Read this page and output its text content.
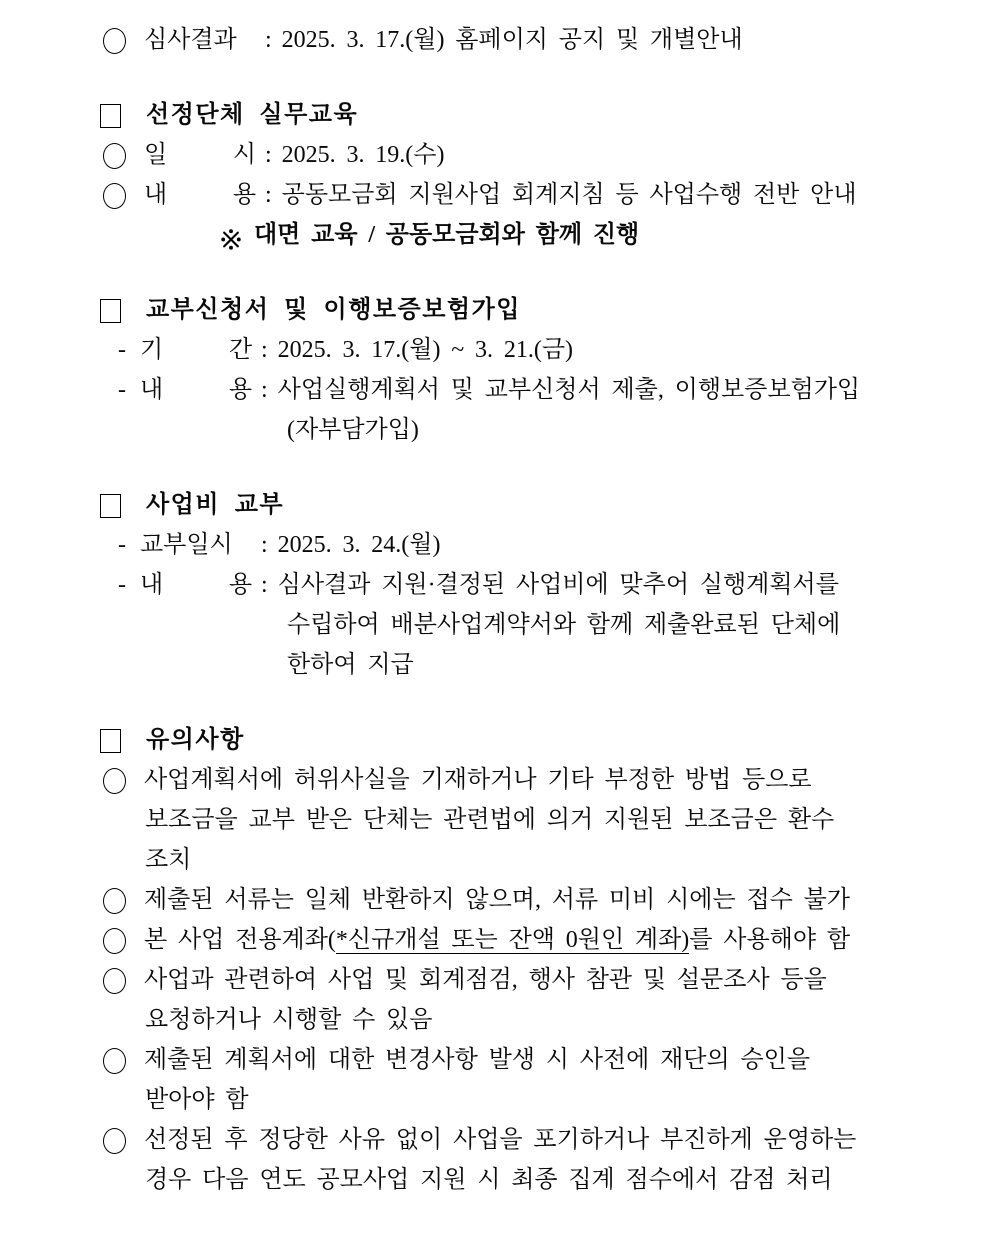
심사결과	: 2025. 3. 17.(월) 홈페이지 공지 및 개별안내
선정단체 실무교육
일	시 : 2025. 3. 19.(수)
내	용 : 공동모금회 지원사업 회계지침 등 사업수행 전반 안내
대면 교육 / 공동모금회와 함께 진행
교부신청서 및 이행보증보험가입
- 기	간 : 2025. 3. 17.(월) ~ 3. 21.(금)
- 내	용 : 사업실행계획서 및 교부신청서 제출, 이행보증보험가입
(자부담가입)
사업비 교부
- 교부일시	: 2025. 3. 24.(월)
- 내	용 : 심사결과 지원·결정된 사업비에 맞추어 실행계획서를
수립하여 배분사업계약서와 함께 제출완료된 단체에
한하여 지급
유의사항
사업계획서에 허위사실을 기재하거나 기타 부정한 방법 등으로
보조금을 교부 받은 단체는 관련법에 의거 지원된 보조금은 환수
조치
제출된 서류는 일체 반환하지 않으며, 서류 미비 시에는 접수 불가
본 사업 전용계좌(*신규개설 또는 잔액 0원인 계좌)를 사용해야 함
사업과 관련하여 사업 및 회계점검, 행사 참관 및 설문조사 등을
요청하거나 시행할 수 있음
제출된 계획서에 대한 변경사항 발생 시 사전에 재단의 승인을
받아야 함
선정된 후 정당한 사유 없이 사업을 포기하거나 부진하게 운영하는
경우 다음 연도 공모사업 지원 시 최종 집계 점수에서 감점 처리
